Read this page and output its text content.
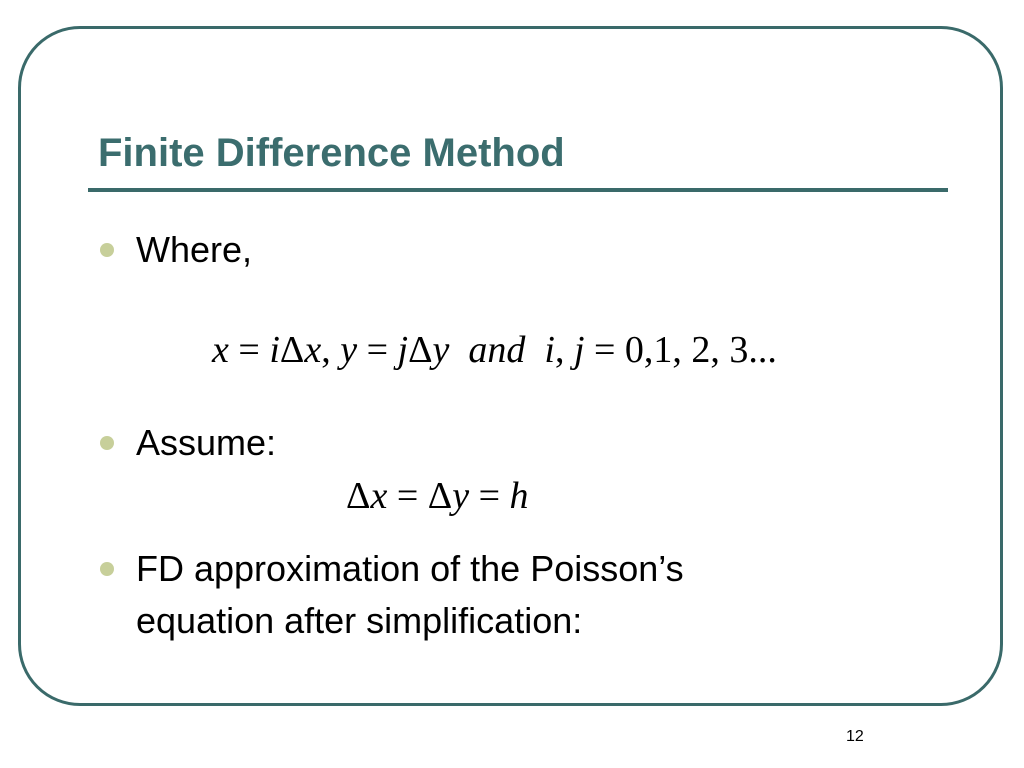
Finite Difference Method

Where,

x = iΔx, y = jΔy and i, j = 0,1, 2, 3...

Assume:

Δx = Δy = h

FD approximation of the Poisson’s

equation after simplification:

12
